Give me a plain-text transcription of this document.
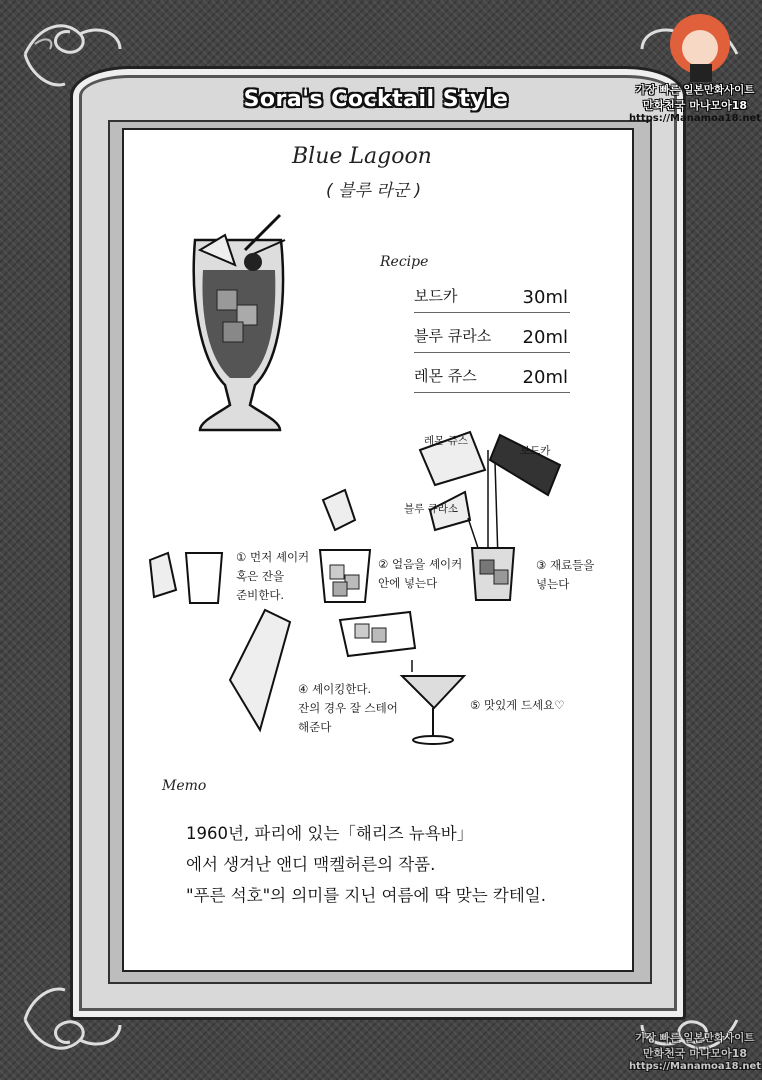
Sora's Cocktail Style
Blue Lagoon
( 블루 라군 )
Recipe
보드카	30ml
블루 큐라소 20ml
레몬 쥬스	20ml
레몬 쥬스
보드카
블루 큐라소
① 먼저 셰이커
혹은 잔을
준비한다.
② 얼음을 셰이커
안에 넣는다
③ 재료들을
넣는다
④ 셰이킹한다.
잔의 경우 잘 스테어
해준다
⑤ 맛있게 드세요♡
Memo
1960년, 파리에 있는「해리즈 뉴욕바」
에서 생겨난 앤디 맥켈허른의 작품.
"푸른 석호"의 의미를 지닌 여름에 딱 맞는 칵테일.
가장 빠른 일본만화사이트
만화천국 마나모아18
https://Manamoa18.net
가장 빠른 일본만화사이트
만화천국 마나모아18
https://Manamoa18.net
